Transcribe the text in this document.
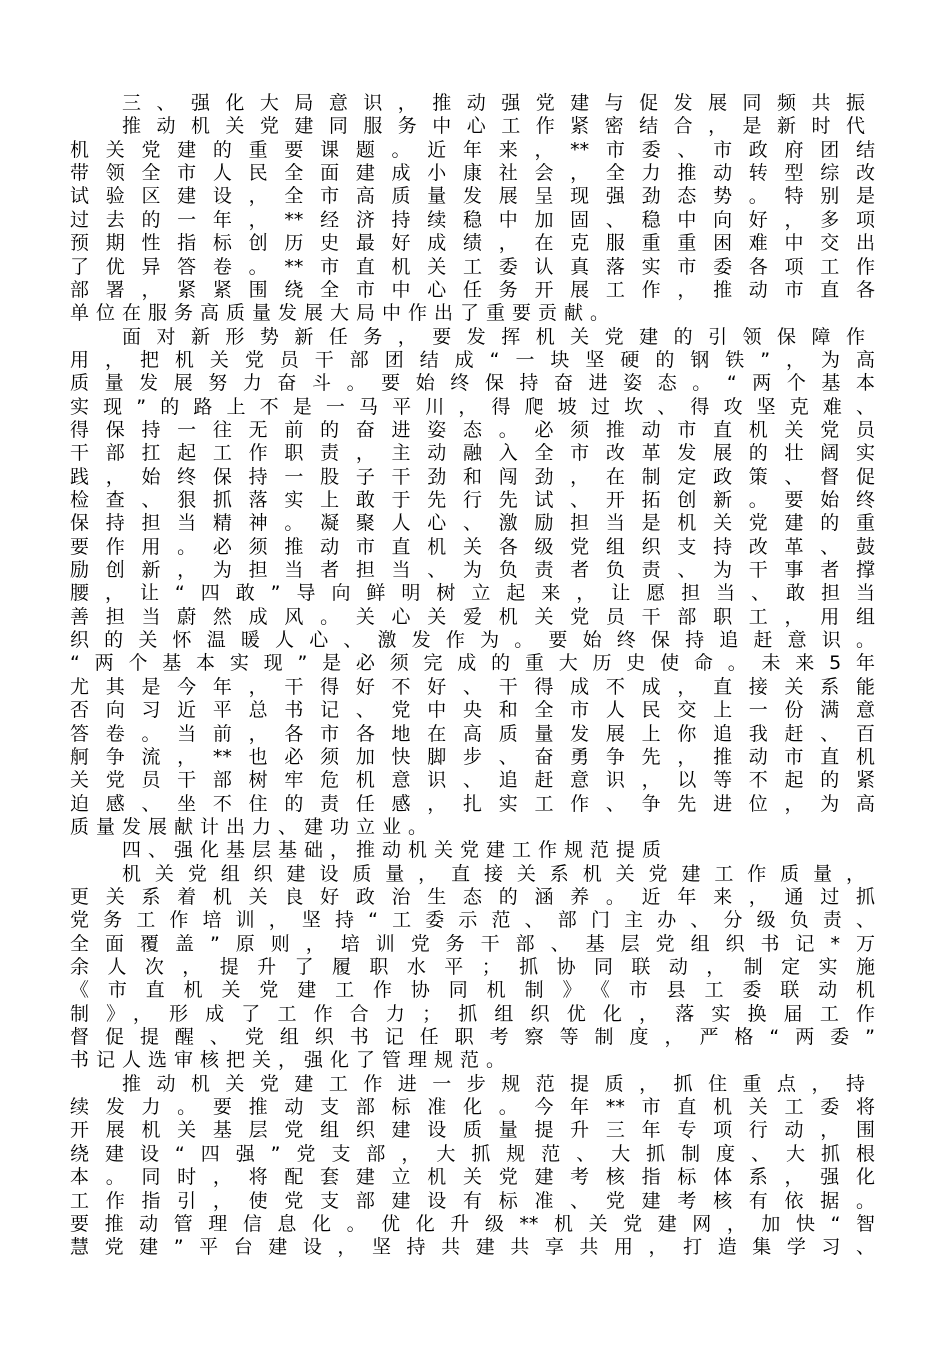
三、强化大局意识，推动强党建与促发展同频共振
推动机关党建同服务中心工作紧密结合，是新时代
机关党建的重要课题。近年来，**市委、市政府团结
带领全市人民全面建成小康社会，全力推动转型综改
试验区建设，全市高质量发展呈现强劲态势。特别是
过去的一年，**经济持续稳中加固、稳中向好，多项
预期性指标创历史最好成绩，在克服重重困难中交出
了优异答卷。**市直机关工委认真落实市委各项工作
部署，紧紧围绕全市中心任务开展工作，推动市直各
单位在服务高质量发展大局中作出了重要贡献。
面对新形势新任务，要发挥机关党建的引领保障作
用，把机关党员干部团结成“一块坚硬的钢铁”，为高
质量发展努力奋斗。要始终保持奋进姿态。“两个基本
实现”的路上不是一马平川，得爬坡过坎、得攻坚克难、
得保持一往无前的奋进姿态。必须推动市直机关党员
干部扛起工作职责，主动融入全市改革发展的壮阔实
践，始终保持一股子干劲和闯劲，在制定政策、督促
检查、狠抓落实上敢于先行先试、开拓创新。要始终
保持担当精神。凝聚人心、激励担当是机关党建的重
要作用。必须推动市直机关各级党组织支持改革、鼓
励创新，为担当者担当、为负责者负责、为干事者撑
腰，让“四敢”导向鲜明树立起来，让愿担当、敢担当
善担当蔚然成风。关心关爱机关党员干部职工，用组
织的关怀温暖人心、激发作为。要始终保持追赶意识。
“两个基本实现”是必须完成的重大历史使命。未来5年
尤其是今年，干得好不好、干得成不成，直接关系能
否向习近平总书记、党中央和全市人民交上一份满意
答卷。当前，各市各地在高质量发展上你追我赶、百
舸争流，**也必须加快脚步、奋勇争先，推动市直机
关党员干部树牢危机意识、追赶意识，以等不起的紧
迫感、坐不住的责任感，扎实工作、争先进位，为高
质量发展献计出力、建功立业。
四、强化基层基础，推动机关党建工作规范提质
机关党组织建设质量，直接关系机关党建工作质量，
更关系着机关良好政治生态的涵养。近年来，通过抓
党务工作培训，坚持“工委示范、部门主办、分级负责、
全面覆盖”原则，培训党务干部、基层党组织书记*万
余人次，提升了履职水平；抓协同联动，制定实施
《市直机关党建工作协同机制》《市县工委联动机
制》，形成了工作合力；抓组织优化，落实换届工作
督促提醒、党组织书记任职考察等制度，严格“两委”
书记人选审核把关，强化了管理规范。
推动机关党建工作进一步规范提质，抓住重点，持
续发力。要推动支部标准化。今年**市直机关工委将
开展机关基层党组织建设质量提升三年专项行动，围
绕建设“四强”党支部，大抓规范、大抓制度、大抓根
本。同时，将配套建立机关党建考核指标体系，强化
工作指引，使党支部建设有标准、党建考核有依据。
要推动管理信息化。优化升级**机关党建网，加快“智
慧党建”平台建设，坚持共建共享共用，打造集学习、
